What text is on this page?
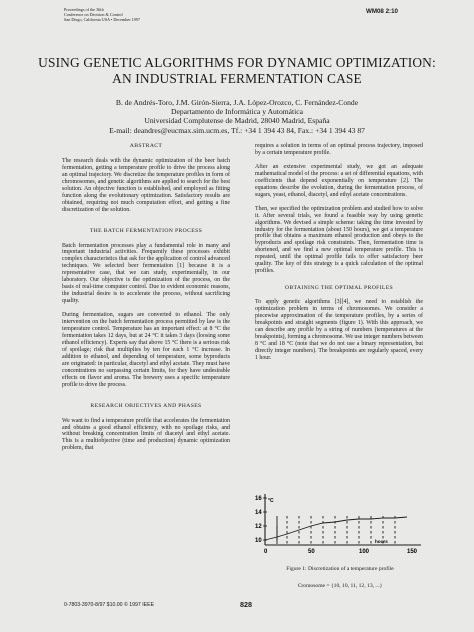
Proceedings of the 36th
Conference on Decision & Control
San Diego, California USA • December 1997
WM08 2:10
USING GENETIC ALGORITHMS FOR DYNAMIC OPTIMIZATION:
AN INDUSTRIAL FERMENTATION CASE
B. de Andrés-Toro, J.M. Girón-Sierra, J.A. López-Orozco, C. Fernández-Conde
Departamento de Informática y Automática
Universidad Complutense de Madrid, 28040 Madrid, España
E-mail: deandres@eucmax.sim.ucm.es, Tf.: +34 1 394 43 84, Fax.: +34 1 394 43 87
ABSTRACT

The research deals with the dynamic optimization of the beer batch fermentation, getting a temperature profile to drive the process along an optimal trajectory. We discretize the temperature profiles in form of chromosomes, and genetic algorithms are applied to search for the best solution. An objective function is established, and employed as fitting function along the evolutionary optimization. Satisfactory results are obtained, requiring not much computation effort, and getting a fine discretization of the solution.

THE BATCH FERMENTATION PROCESS

Batch fermentation processes play a fundamental role in many and important industrial activities. Frequently these processes exhibit complex characteristics that ask for the application of control advanced techniques. We selected beer fermentation [1] because it is a representative case, that we can study, experimentally, in our laboratory. Our objective is the optimization of the process, on the basis of real-time computer control. Due to evident economic reasons, the industrial desire is to accelerate the process, without sacrificing quality.

During fermentation, sugars are converted to ethanol. The only intervention on the batch fermentation process permitted by law is the temperature control. Temperature has an important effect: at 8 °C the fermentation takes 12 days, but at 24 °C it takes 3 days (loosing some ethanol efficiency). Experts say that above 15 °C there is a serious risk of spoilage; risk that multiplies by ten for each 1 °C increase. In addition to ethanol, and depending of temperature, some byproducts are originated: in particular, diacetyl and ethyl acetate. They must have concentrations no surpassing certain limits, for they have undesirable effects on flavor and aroma. The brewery uses a specific temperature profile to drive the process.

RESEARCH OBJECTIVES AND PHASES

We want to find a temperature profile that accelerates the fermentation and obtains a good ethanol efficiency, with no spoilage risks, and without breaking concentration limits of diacetyl and ethyl acetate. This is a multiobjective (time and production) dynamic optimization problem, that

requires a solution in terms of an optimal process trajectory, imposed by a certain temperature profile.

After an extensive experimental study, we got an adequate mathematical model of the process: a set of differential equations, with coefficients that depend exponentially on temperature [2]. The equations describe the evolution, during the fermentation process, of sugars, yeast, ethanol, diacetyl, and ethyl acetate concentrations.

Then, we specified the optimization problem and studied how to solve it. After several trials, we found a feasible way by using genetic algorithms. We devised a simple scheme: taking the time invested by industry for the fermentation (about 150 hours), we get a temperature profile that obtains a maximum ethanol production and obeys to the byproducts and spoilage risk constraints. Then, fermentation time is shortened, and we find a new optimal temperature profile. This is repeated, until the optimal profile fails to offer satisfactory beer quality. The key of this strategy is a quick calculation of the optimal profiles.

OBTAINING THE OPTIMAL PROFILES

To apply genetic algorithms [3][4], we need to establish the optimization problem in terms of chromosomes. We consider a piecewise approximation of the temperature profiles, by a series of breakpoints and straight segments (figure 1). With this approach, we can describe any profile by a string of numbers (temperatures at the breakpoints), forming a chromosome. We use integer numbers between 8 °C and 18 °C (note that we do not use a binary representation, but directly integer numbers). The breakpoints are regularly spaced, every 1 hour.

16
14
12
10
°C
0	50	100	150
hours
Figure 1: Discretization of a temperature profile
Cromosome = {10, 10, 11, 12, 13, ...}
0-7803-3970-8/97 $10.00 © 1997 IEEE	828
